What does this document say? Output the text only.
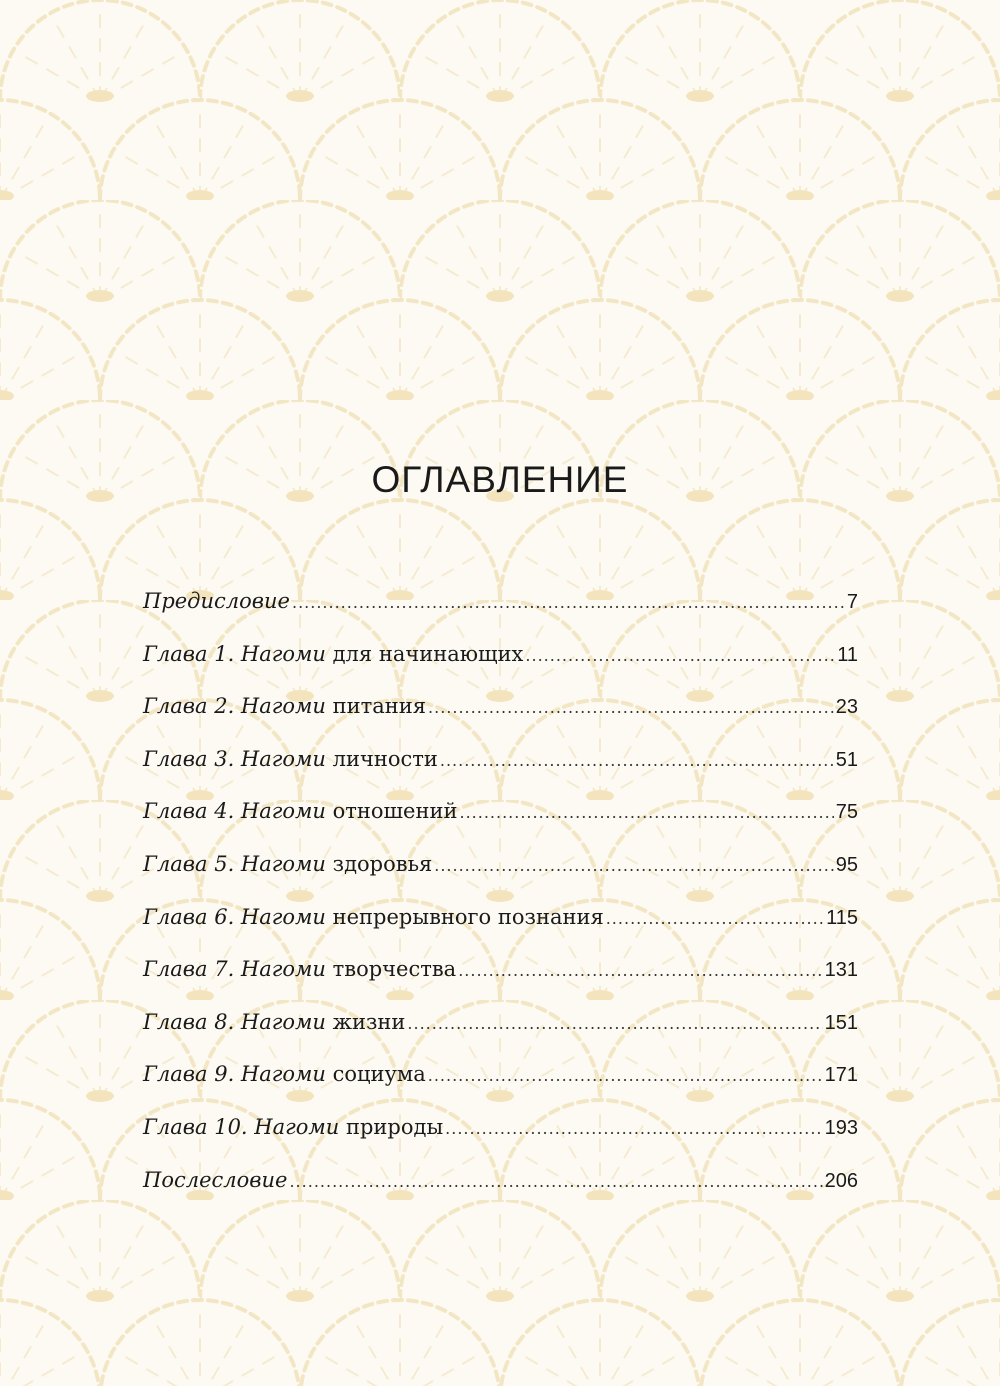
ОГЛАВЛЕНИЕ
Предисловие .....	7
Глава 1. Нагоми для начинающих .....	11
Глава 2. Нагоми питания .....	23
Глава 3. Нагоми личности .....	51
Глава 4. Нагоми отношений .....	75
Глава 5. Нагоми здоровья .....	95
Глава 6. Нагоми непрерывного познания .....	115
Глава 7. Нагоми творчества .....	131
Глава 8. Нагоми жизни .....	151
Глава 9. Нагоми социума .....	171
Глава 10. Нагоми природы .....	193
Послесловие .....	206
